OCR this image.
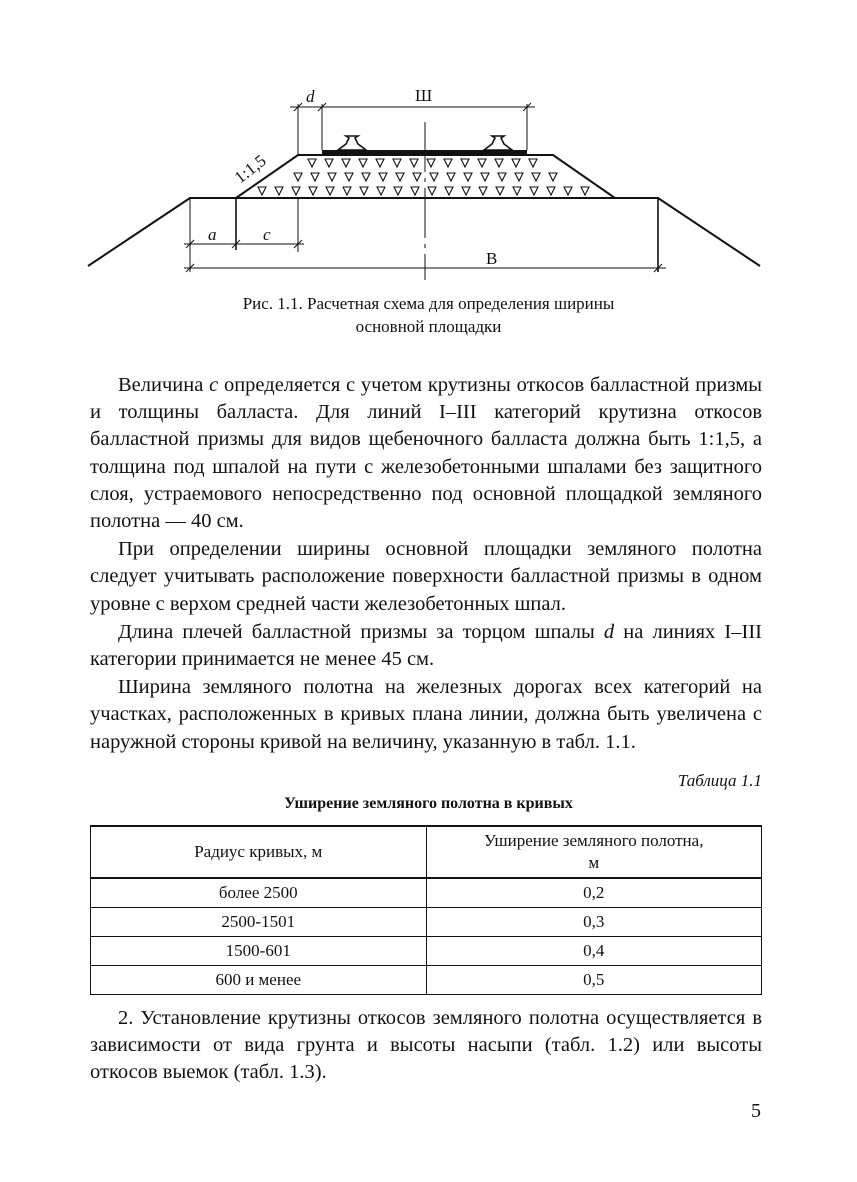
d	Ш
1:1,5
a	c
В
Рис. 1.1. Расчетная схема для определения ширины
основной площадки

Величина c определяется с учетом крутизны откосов балластной призмы и толщины балласта. Для линий I–III категорий крутизна откосов балластной призмы для видов щебеночного балласта должна быть 1:1,5, а толщина под шпалой на пути с железобетонными шпалами без защитного слоя, устраемового непосредственно под основной площадкой земляного полотна — 40 см.

При определении ширины основной площадки земляного полотна следует учитывать расположение поверхности балластной призмы в одном уровне с верхом средней части железобетонных шпал.

Длина плечей балластной призмы за торцом шпалы d на линиях I–III категории принимается не менее 45 см.

Ширина земляного полотна на железных дорогах всех категорий на участках, расположенных в кривых плана линии, должна быть увеличена с наружной стороны кривой на величину, указанную в табл. 1.1.

Таблица 1.1
Уширение земляного полотна в кривых
Радиус кривых, м	Уширение земляного полотна, м

более 2500	0,2
2500-1501	0,3
1500-601	0,4
600 и менее	0,5

2. Установление крутизны откосов земляного полотна осуществляется в зависимости от вида грунта и высоты насыпи (табл. 1.2) или высоты откосов выемок (табл. 1.3).

5
